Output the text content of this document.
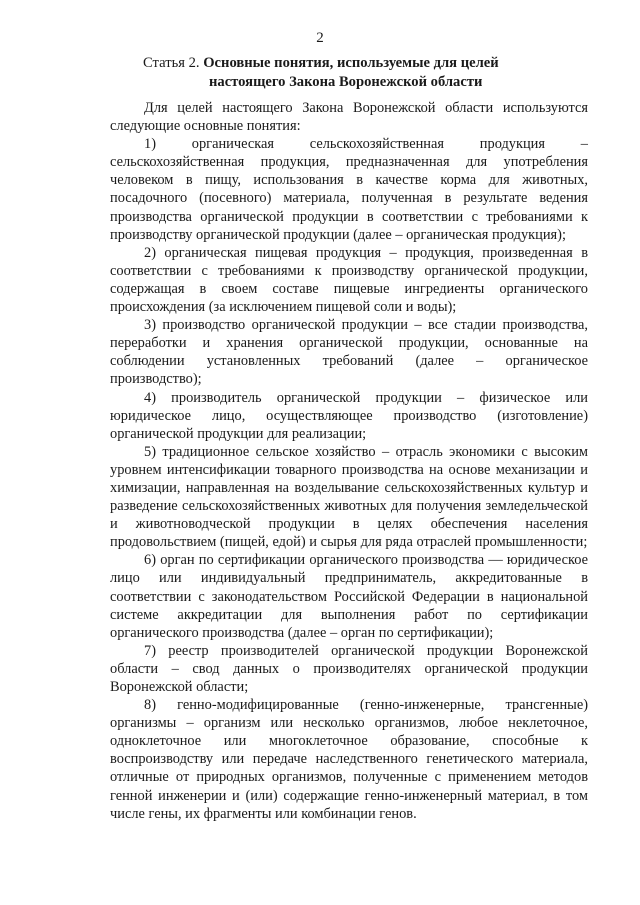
2
Статья 2. Основные понятия, используемые для целей
настоящего Закона Воронежской области

Для целей настоящего Закона Воронежской области используются следующие основные понятия:

1) органическая сельскохозяйственная продукция – сельскохозяйственная продукция, предназначенная для употребления человеком в пищу, использования в качестве корма для животных, посадочного (посевного) материала, полученная в результате ведения производства органической продукции в соответствии с требованиями к производству органической продукции (далее – органическая продукция);

2) органическая пищевая продукция – продукция, произведенная в соответствии с требованиями к производству органической продукции, содержащая в своем составе пищевые ингредиенты органического происхождения (за исключением пищевой соли и воды);

3) производство органической продукции – все стадии производства, переработки и хранения органической продукции, основанные на соблюдении установленных требований (далее – органическое производство);

4) производитель органической продукции – физическое или юридическое лицо, осуществляющее производство (изготовление) органической продукции для реализации;

5) традиционное сельское хозяйство – отрасль экономики с высоким уровнем интенсификации товарного производства на основе механизации и химизации, направленная на возделывание сельскохозяйственных культур и разведение сельскохозяйственных животных для получения земледельческой и животноводческой продукции в целях обеспечения населения продовольствием (пищей, едой) и сырья для ряда отраслей промышленности;

6) орган по сертификации органического производства — юридическое лицо или индивидуальный предприниматель, аккредитованные в соответствии с законодательством Российской Федерации в национальной системе аккредитации для выполнения работ по сертификации органического производства (далее – орган по сертификации);

7) реестр производителей органической продукции Воронежской области – свод данных о производителях органической продукции Воронежской области;

8) генно-модифицированные (генно-инженерные, трансгенные) организмы – организм или несколько организмов, любое неклеточное, одноклеточное или многоклеточное образование, способные к воспроизводству или передаче наследственного генетического материала, отличные от природных организмов, полученные с применением методов генной инженерии и (или) содержащие генно-инженерный материал, в том числе гены, их фрагменты или комбинации генов.
